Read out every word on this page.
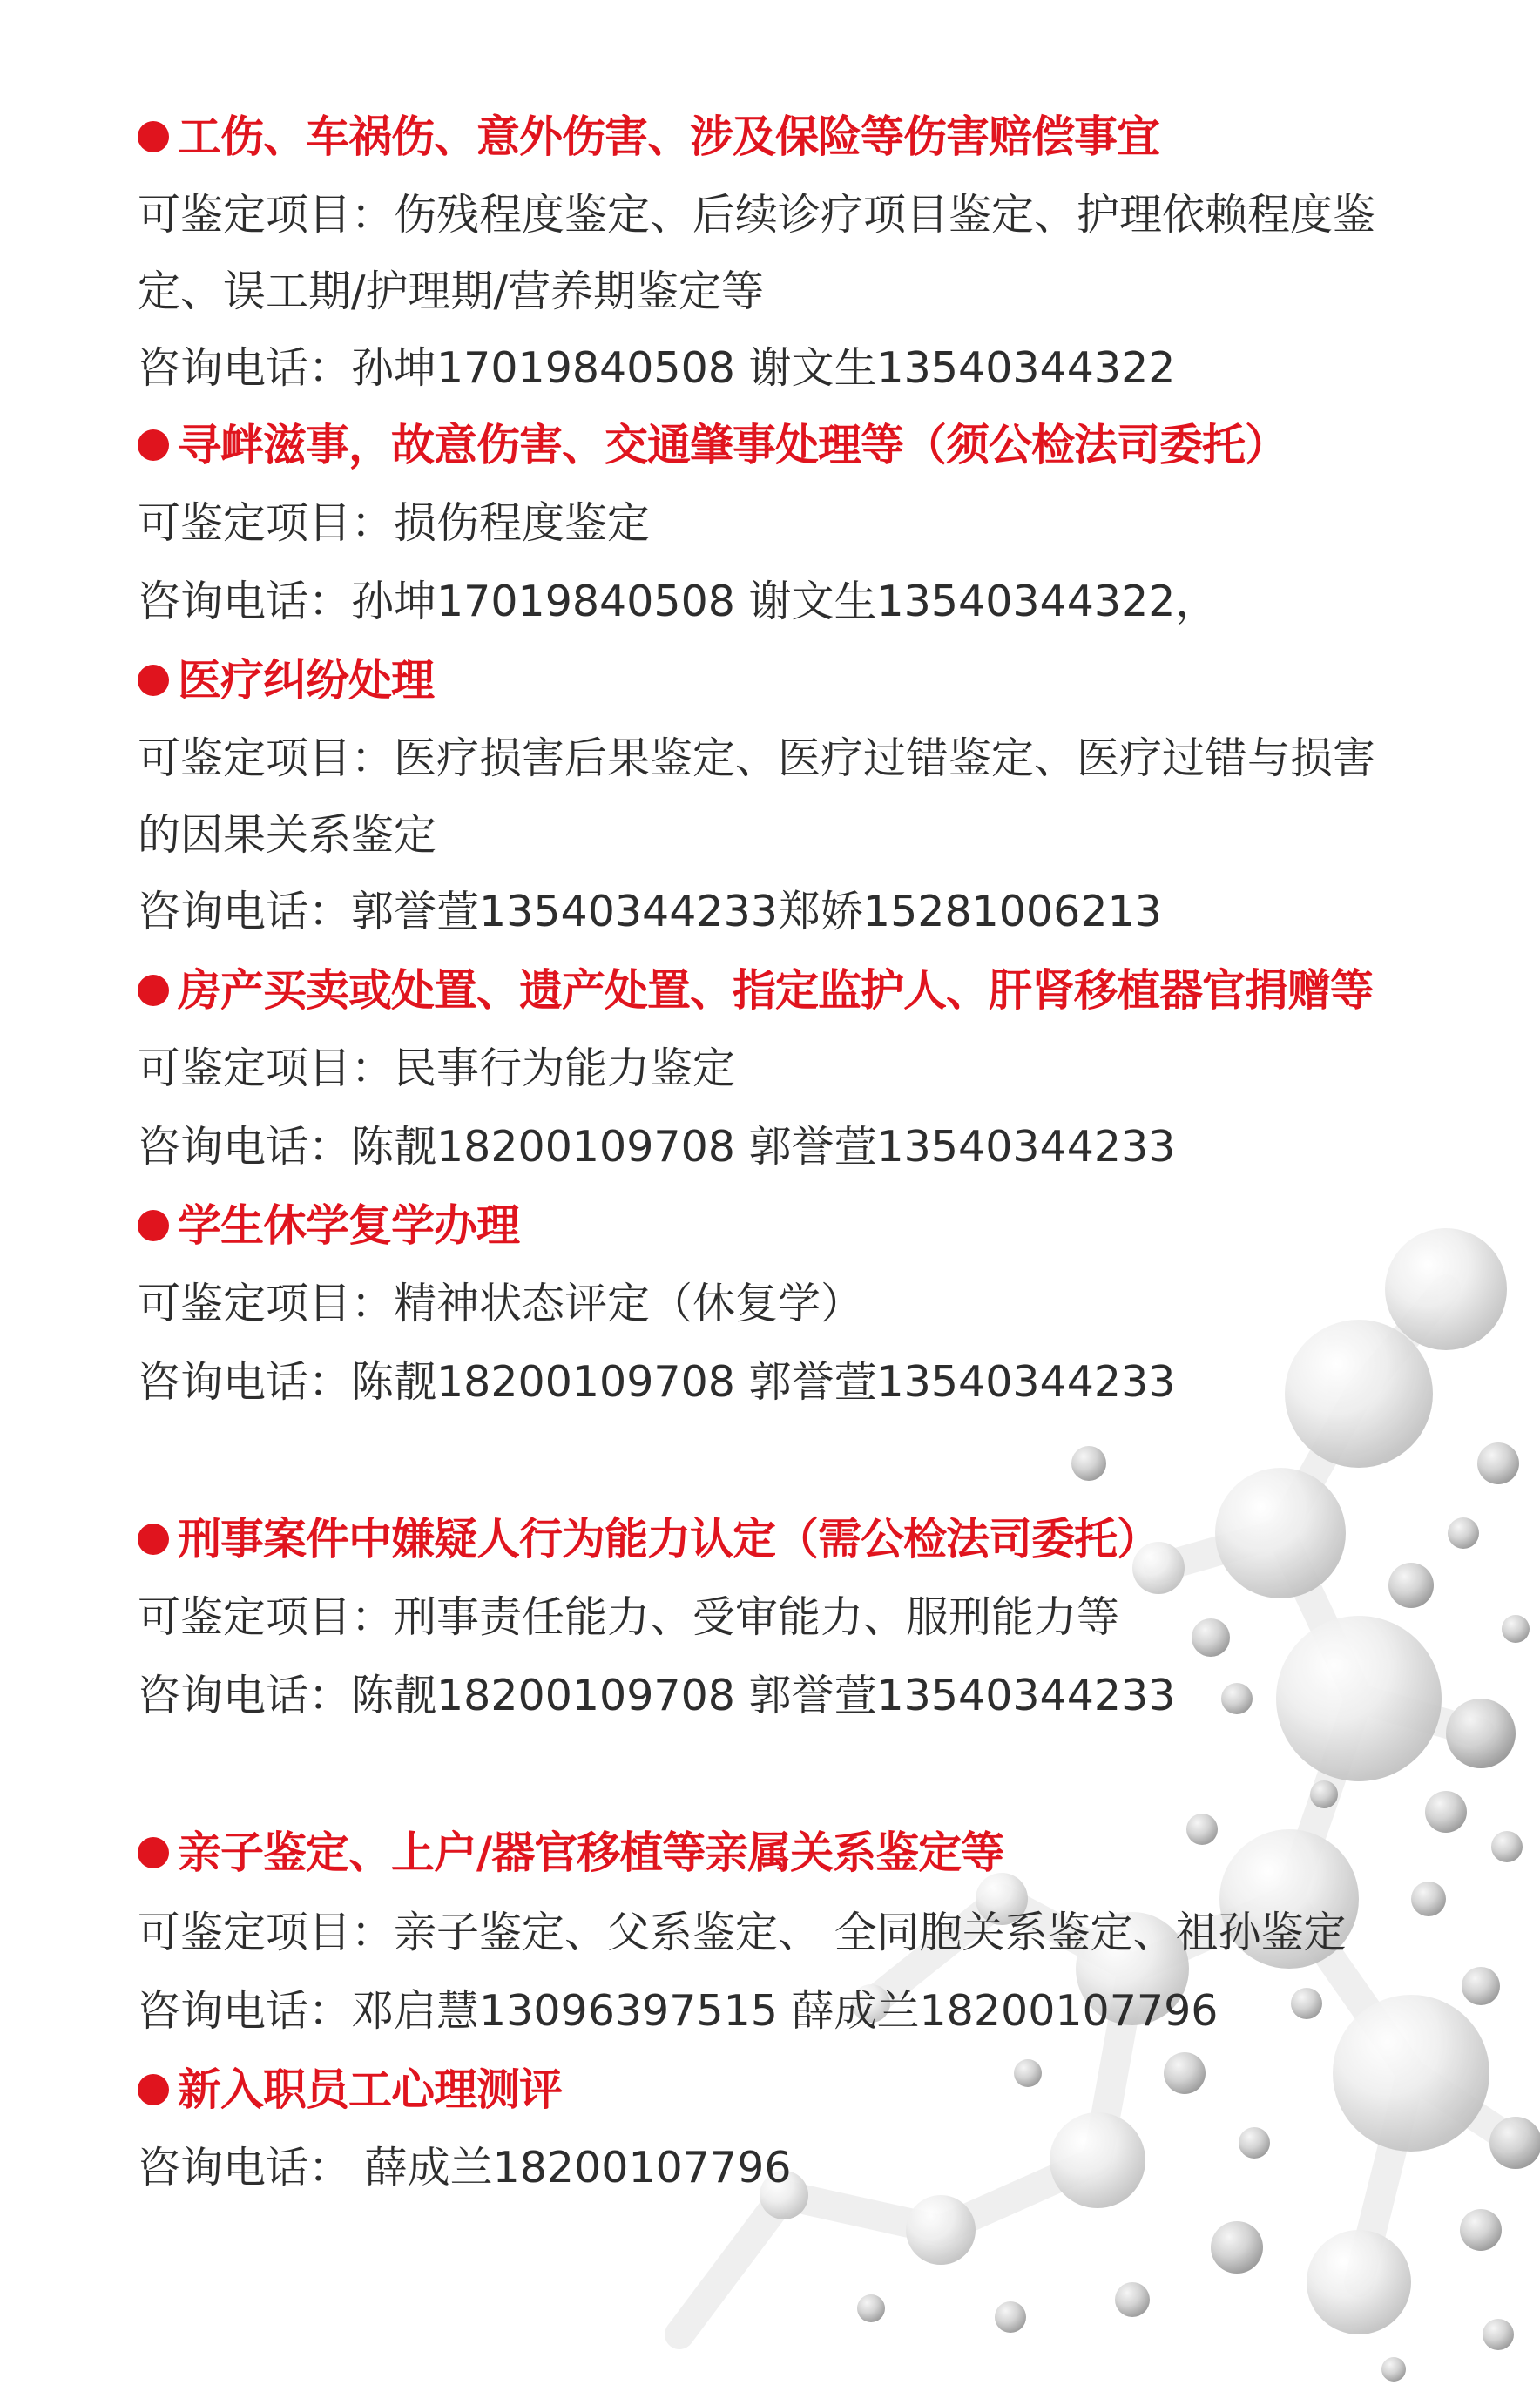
工伤、车祸伤、意外伤害、涉及保险等伤害赔偿事宜
可鉴定项目：伤残程度鉴定、后续诊疗项目鉴定、护理依赖程度鉴
定、误工期/护理期/营养期鉴定等
咨询电话：孙坤17019840508 谢文生13540344322
寻衅滋事，故意伤害、交通肇事处理等（须公检法司委托）
可鉴定项目：损伤程度鉴定
咨询电话：孙坤17019840508 谢文生13540344322，
医疗纠纷处理
可鉴定项目：医疗损害后果鉴定、医疗过错鉴定、医疗过错与损害
的因果关系鉴定
咨询电话：郭誉萱13540344233郑娇15281006213
房产买卖或处置、遗产处置、指定监护人、肝肾移植器官捐赠等
可鉴定项目：民事行为能力鉴定
咨询电话：陈靓18200109708 郭誉萱13540344233
学生休学复学办理
可鉴定项目：精神状态评定（休复学）
咨询电话：陈靓18200109708 郭誉萱13540344233
刑事案件中嫌疑人行为能力认定（需公检法司委托）
可鉴定项目：刑事责任能力、受审能力、服刑能力等
咨询电话：陈靓18200109708 郭誉萱13540344233
亲子鉴定、上户/器官移植等亲属关系鉴定等
可鉴定项目：亲子鉴定、父系鉴定、 全同胞关系鉴定、祖孙鉴定
咨询电话：邓启慧13096397515 薛成兰18200107796
新入职员工心理测评
咨询电话： 薛成兰18200107796
